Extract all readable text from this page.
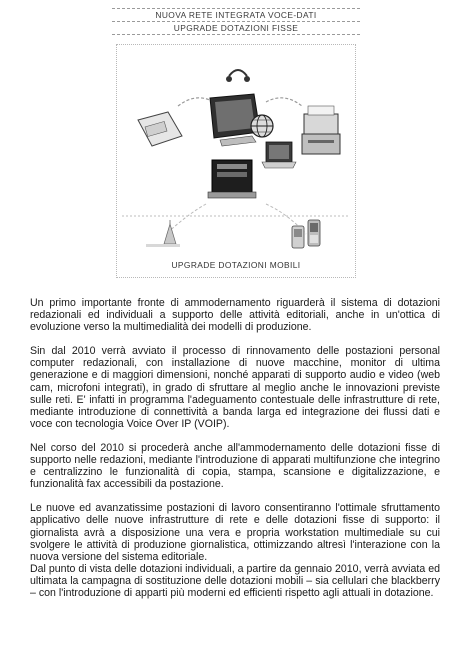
NUOVA RETE INTEGRATA VOCE-DATI
UPGRADE DOTAZIONI FISSE
UPGRADE DOTAZIONI MOBILI

Un primo importante fronte di ammodernamento riguarderà il sistema di dotazioni redazionali ed individuali a supporto delle attività editoriali, anche in un'ottica di evoluzione verso la multimedialità dei modelli di produzione.

Sin dal 2010 verrà avviato il processo di rinnovamento delle postazioni personal computer redazionali, con installazione di nuove macchine, monitor di ultima generazione e di maggiori dimensioni, nonché apparati di supporto audio e video (web cam, microfoni integrati), in grado di sfruttare al meglio anche le innovazioni previste sulle reti. E' infatti in programma l'adeguamento contestuale delle infrastrutture di rete, mediante introduzione di connettività a banda larga ed integrazione dei flussi dati e voce con tecnologia Voice Over IP (VOIP).

Nel corso del 2010 si procederà anche all'ammodernamento delle dotazioni fisse di supporto nelle redazioni, mediante l'introduzione di apparati multifunzione che integrino e centralizzino le funzionalità di copia, stampa, scansione e digitalizzazione, e funzionalità fax accessibili da postazione.

Le nuove ed avanzatissime postazioni di lavoro consentiranno l'ottimale sfruttamento applicativo delle nuove infrastrutture di rete e delle dotazioni fisse di supporto: il giornalista avrà a disposizione una vera e propria workstation multimediale su cui svolgere le attività di produzione giornalistica, ottimizzando altresì l'interazione con la nuova versione del sistema editoriale.

Dal punto di vista delle dotazioni individuali, a partire da gennaio 2010, verrà avviata ed ultimata la campagna di sostituzione delle dotazioni mobili – sia cellulari che blackberry – con l'introduzione di apparti più moderni ed efficienti rispetto agli attuali in dotazione.
